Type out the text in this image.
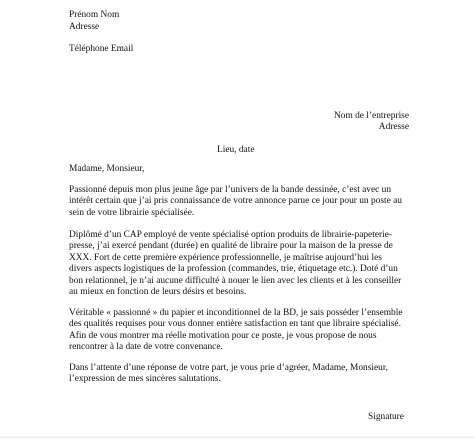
Prénom Nom
Adresse
Téléphone Email
Nom de l’entreprise
Adresse
Lieu, date
Madame, Monsieur,
Passionné depuis mon plus jeune âge par l’univers de la bande dessinée, c’est avec un
intérêt certain que j’ai pris connaissance de votre annonce parue ce jour pour un poste au
sein de votre librairie spécialisée.
Diplômé d’un CAP employé de vente spécialisé option produits de librairie-papeterie-
presse, j’ai exercé pendant (durée) en qualité de libraire pour la maison de la presse de
XXX. Fort de cette première expérience professionnelle, je maîtrise aujourd’hui les
divers aspects logistiques de la profession (commandes, trie, étiquetage etc.). Doté d’un
bon relationnel, je n’ai aucune difficulté à nouer le lien avec les clients et à les conseiller
au mieux en fonction de leurs désirs et besoins.
Véritable « passionné » du papier et inconditionnel de la BD, je sais posséder l’ensemble
des qualités requises pour vous donner entière satisfaction en tant que libraire spécialisé.
Afin de vous montrer ma réelle motivation pour ce poste, je vous propose de nous
rencontrer à la date de votre convenance.
Dans l’attente d’une réponse de votre part, je vous prie d’agréer, Madame, Monsieur,
l’expression de mes sincères salutations.
Signature
